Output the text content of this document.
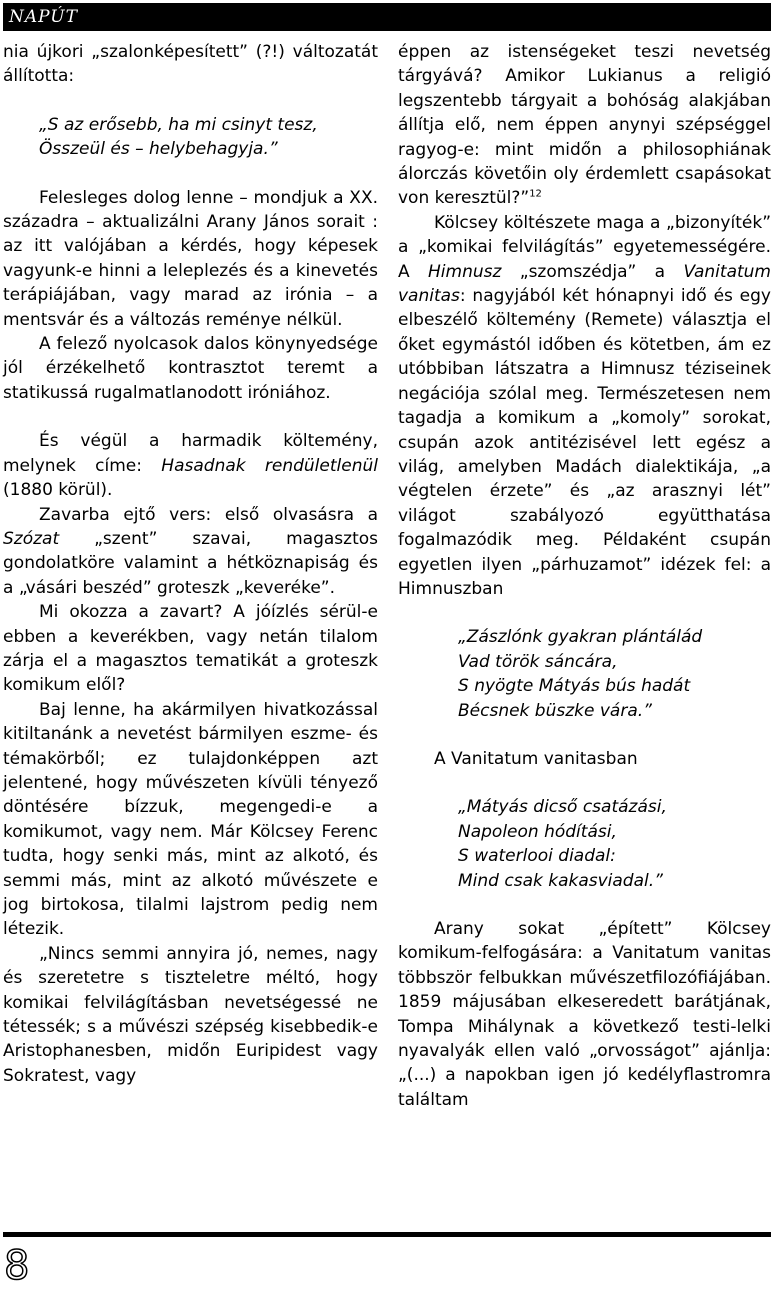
NAPÚT

nia újkori „szalonképesített” (?!) változatát állította:

„S az erősebb, ha mi csinyt tesz,
Összeül és – helybehagyja.”

Felesleges dolog lenne – mondjuk a XX. századra – aktualizálni Arany János sorait : az itt valójában a kérdés, hogy képesek vagyunk-e hinni a leleplezés és a kinevetés terápiájában, vagy marad az irónia – a mentsvár és a változás reménye nélkül.

A felező nyolcasok dalos könynyedsége jól érzékelhető kontrasztot teremt a statikussá rugalmatlanodott iróniához.

És végül a harmadik költemény, melynek címe: Hasadnak rendületlenül (1880 körül).

Zavarba ejtő vers: első olvasásra a Szózat „szent” szavai, magasztos gondolatköre valamint a hétköznapiság és a „vásári beszéd” groteszk „keveréke”.

Mi okozza a zavart? A jóízlés sérül-e ebben a keverékben, vagy netán tilalom zárja el a magasztos tematikát a groteszk komikum elől?

Baj lenne, ha akármilyen hivatkozással kitiltanánk a nevetést bármilyen eszme- és témakörből; ez tulajdonképpen azt jelentené, hogy művészeten kívüli tényező döntésére bízzuk, megengedi-e a komikumot, vagy nem. Már Kölcsey Ferenc tudta, hogy senki más, mint az alkotó, és semmi más, mint az alkotó művészete e jog birtokosa, tilalmi lajstrom pedig nem létezik.

„Nincs semmi annyira jó, nemes, nagy és szeretetre s tiszteletre méltó, hogy komikai felvilágításban nevetségessé ne tétessék; s a művészi szépség kisebbedik-e Aristophanesben, midőn Euripidest vagy Sokratest, vagy

éppen az istenségeket teszi nevetség tárgyává? Amikor Lukianus a religió legszentebb tárgyait a bohóság alakjában állítja elő, nem éppen anynyi szépséggel ragyog-e: mint midőn a philosophiának álorczás követőin oly érdemlett csapásokat von keresztül?”$^{12}$

Kölcsey költészete maga a „bizonyíték” a „komikai felvilágítás” egyetemességére. A Himnusz „szomszédja” a Vanitatum vanitas: nagyjából két hónapnyi idő és egy elbeszélő költemény (Remete) választja el őket egymástól időben és kötetben, ám ez utóbbiban látszatra a Himnusz téziseinek negációja szólal meg. Természetesen nem tagadja a komikum a „komoly” sorokat, csupán azok antitézisével lett egész a világ, amelyben Madách dialektikája, „a végtelen érzete” és „az arasznyi lét” világot szabályozó együtthatása fogalmazódik meg. Példaként csupán egyetlen ilyen „párhuzamot” idézek fel: a Himnuszban

„Zászlónk gyakran plántálád
Vad török sáncára,
S nyögte Mátyás bús hadát
Bécsnek büszke vára.”

A Vanitatum vanitasban

„Mátyás dicső csatázási,
Napoleon hódítási,
S waterlooi diadal:
Mind csak kakasviadal.”

Arany sokat „épített” Kölcsey komikum-felfogására: a Vanitatum vanitas többször felbukkan művészetfilozófiájában. 1859 májusában elkeseredett barátjának, Tompa Mihálynak a következő testi-lelki nyavalyák ellen való „orvosságot” ajánlja: „(...) a napokban igen jó kedélyflastromra találtam

8
